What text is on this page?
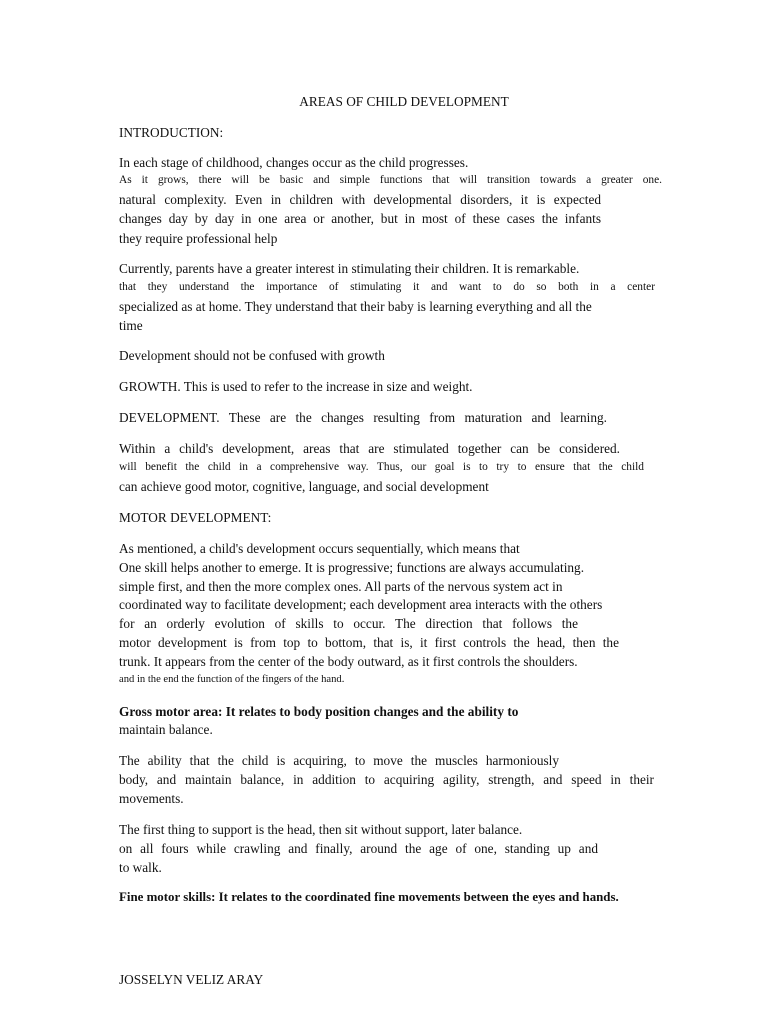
AREAS OF CHILD DEVELOPMENT
INTRODUCTION:
In each stage of childhood, changes occur as the child progresses.
As it grows, there will be basic and simple functions that will transition towards a greater one.
natural complexity. Even in children with developmental disorders, it is expected
changes day by day in one area or another, but in most of these cases the infants
they require professional help
Currently, parents have a greater interest in stimulating their children. It is remarkable.
that they understand the importance of stimulating it and want to do so both in a center
specialized as at home. They understand that their baby is learning everything and all the
time
Development should not be confused with growth
GROWTH. This is used to refer to the increase in size and weight.
DEVELOPMENT. These are the changes resulting from maturation and learning.
Within a child's development, areas that are stimulated together can be considered.
will benefit the child in a comprehensive way. Thus, our goal is to try to ensure that the child
can achieve good motor, cognitive, language, and social development
MOTOR DEVELOPMENT:
As mentioned, a child's development occurs sequentially, which means that
One skill helps another to emerge. It is progressive; functions are always accumulating.
simple first, and then the more complex ones. All parts of the nervous system act in
coordinated way to facilitate development; each development area interacts with the others
for an orderly evolution of skills to occur. The direction that follows the
motor development is from top to bottom, that is, it first controls the head, then the
trunk. It appears from the center of the body outward, as it first controls the shoulders.
and in the end the function of the fingers of the hand.
Gross motor area: It relates to body position changes and the ability to
maintain balance.
The ability that the child is acquiring, to move the muscles harmoniously
body, and maintain balance, in addition to acquiring agility, strength, and speed in their
movements.
The first thing to support is the head, then sit without support, later balance.
on all fours while crawling and finally, around the age of one, standing up and
to walk.
Fine motor skills: It relates to the coordinated fine movements between the eyes and hands.
JOSSELYN VELIZ ARAY
